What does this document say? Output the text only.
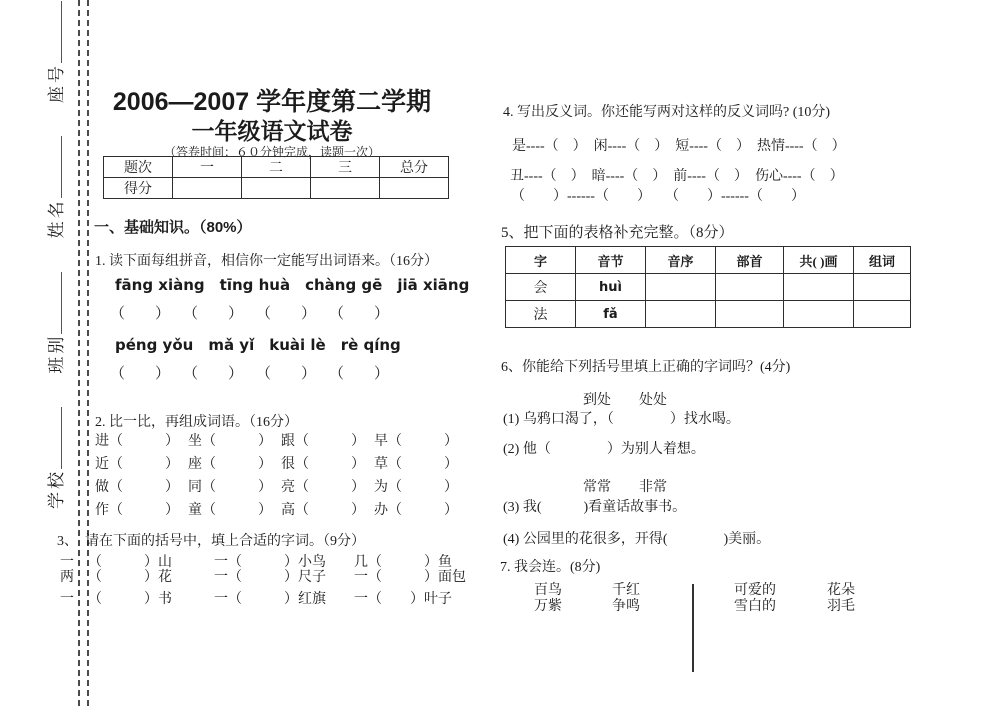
学校
班别
姓名
座号	2006—2007 学年度第二学期
一年级语文试卷
（答卷时间：６０分钟完成，读题一次）
题次	一	二	三	总分
得分				
一、基础知识。（80%）
1. 读下面每组拼音，相信你一定能写出词语来。（16分）
fāng xiàng tīng huà chàng gē jiā xiāng
（　　） （　　） （　　） （　　）
péng yǒu mǎ yǐ kuài lè rè qíng
（　　） （　　） （　　） （　　）
2. 比一比，再组成词语。（16分）
进（　　　） 坐（　　　） 跟（　　　） 早（　　　）
近（　　　） 座（　　　） 很（　　　） 草（　　　）
做（　　　） 同（　　　） 亮（　　　） 为（　　　）
作（　　　） 童（　　　） 高（　　　） 办（　　　）
3、 请在下面的括号中，填上合适的字词。（9分）
一 （　　　）山　　　一（　　　）小鸟　　几（　　　）鱼
两 （　　　）花　　　一（　　　）尺子　　一（　　　）面包
一 （　　　）书　　　一（　　　）红旗　　一（　　）叶子
4. 写出反义词。你还能写两对这样的反义词吗? (10分)
是----（　）　闲----（　）　短----（　）　热情----（　）
丑----（　）　暗----（　）　前----（　）　伤心----（　）
（　　）------（　　）　　（　　）------（　　）
5、把下面的表格补充完整。（8分）
字	音节	音序	部首	共( )画	组词
会	huì				
法	fǎ				
6、你能给下列括号里填上正确的字词吗？(4分)
到处　　处处
(1) 乌鸦口渴了，（　　　　）找水喝。
(2) 他（　　　　）为别人着想。
常常　　非常
(3) 我(　　　)看童话故事书。
(4) 公园里的花很多，开得(　　　　)美丽。
7. 我会连。(8分)
百鸟
万紫
千红
争鸣
可爱的
雪白的
花朵
羽毛
